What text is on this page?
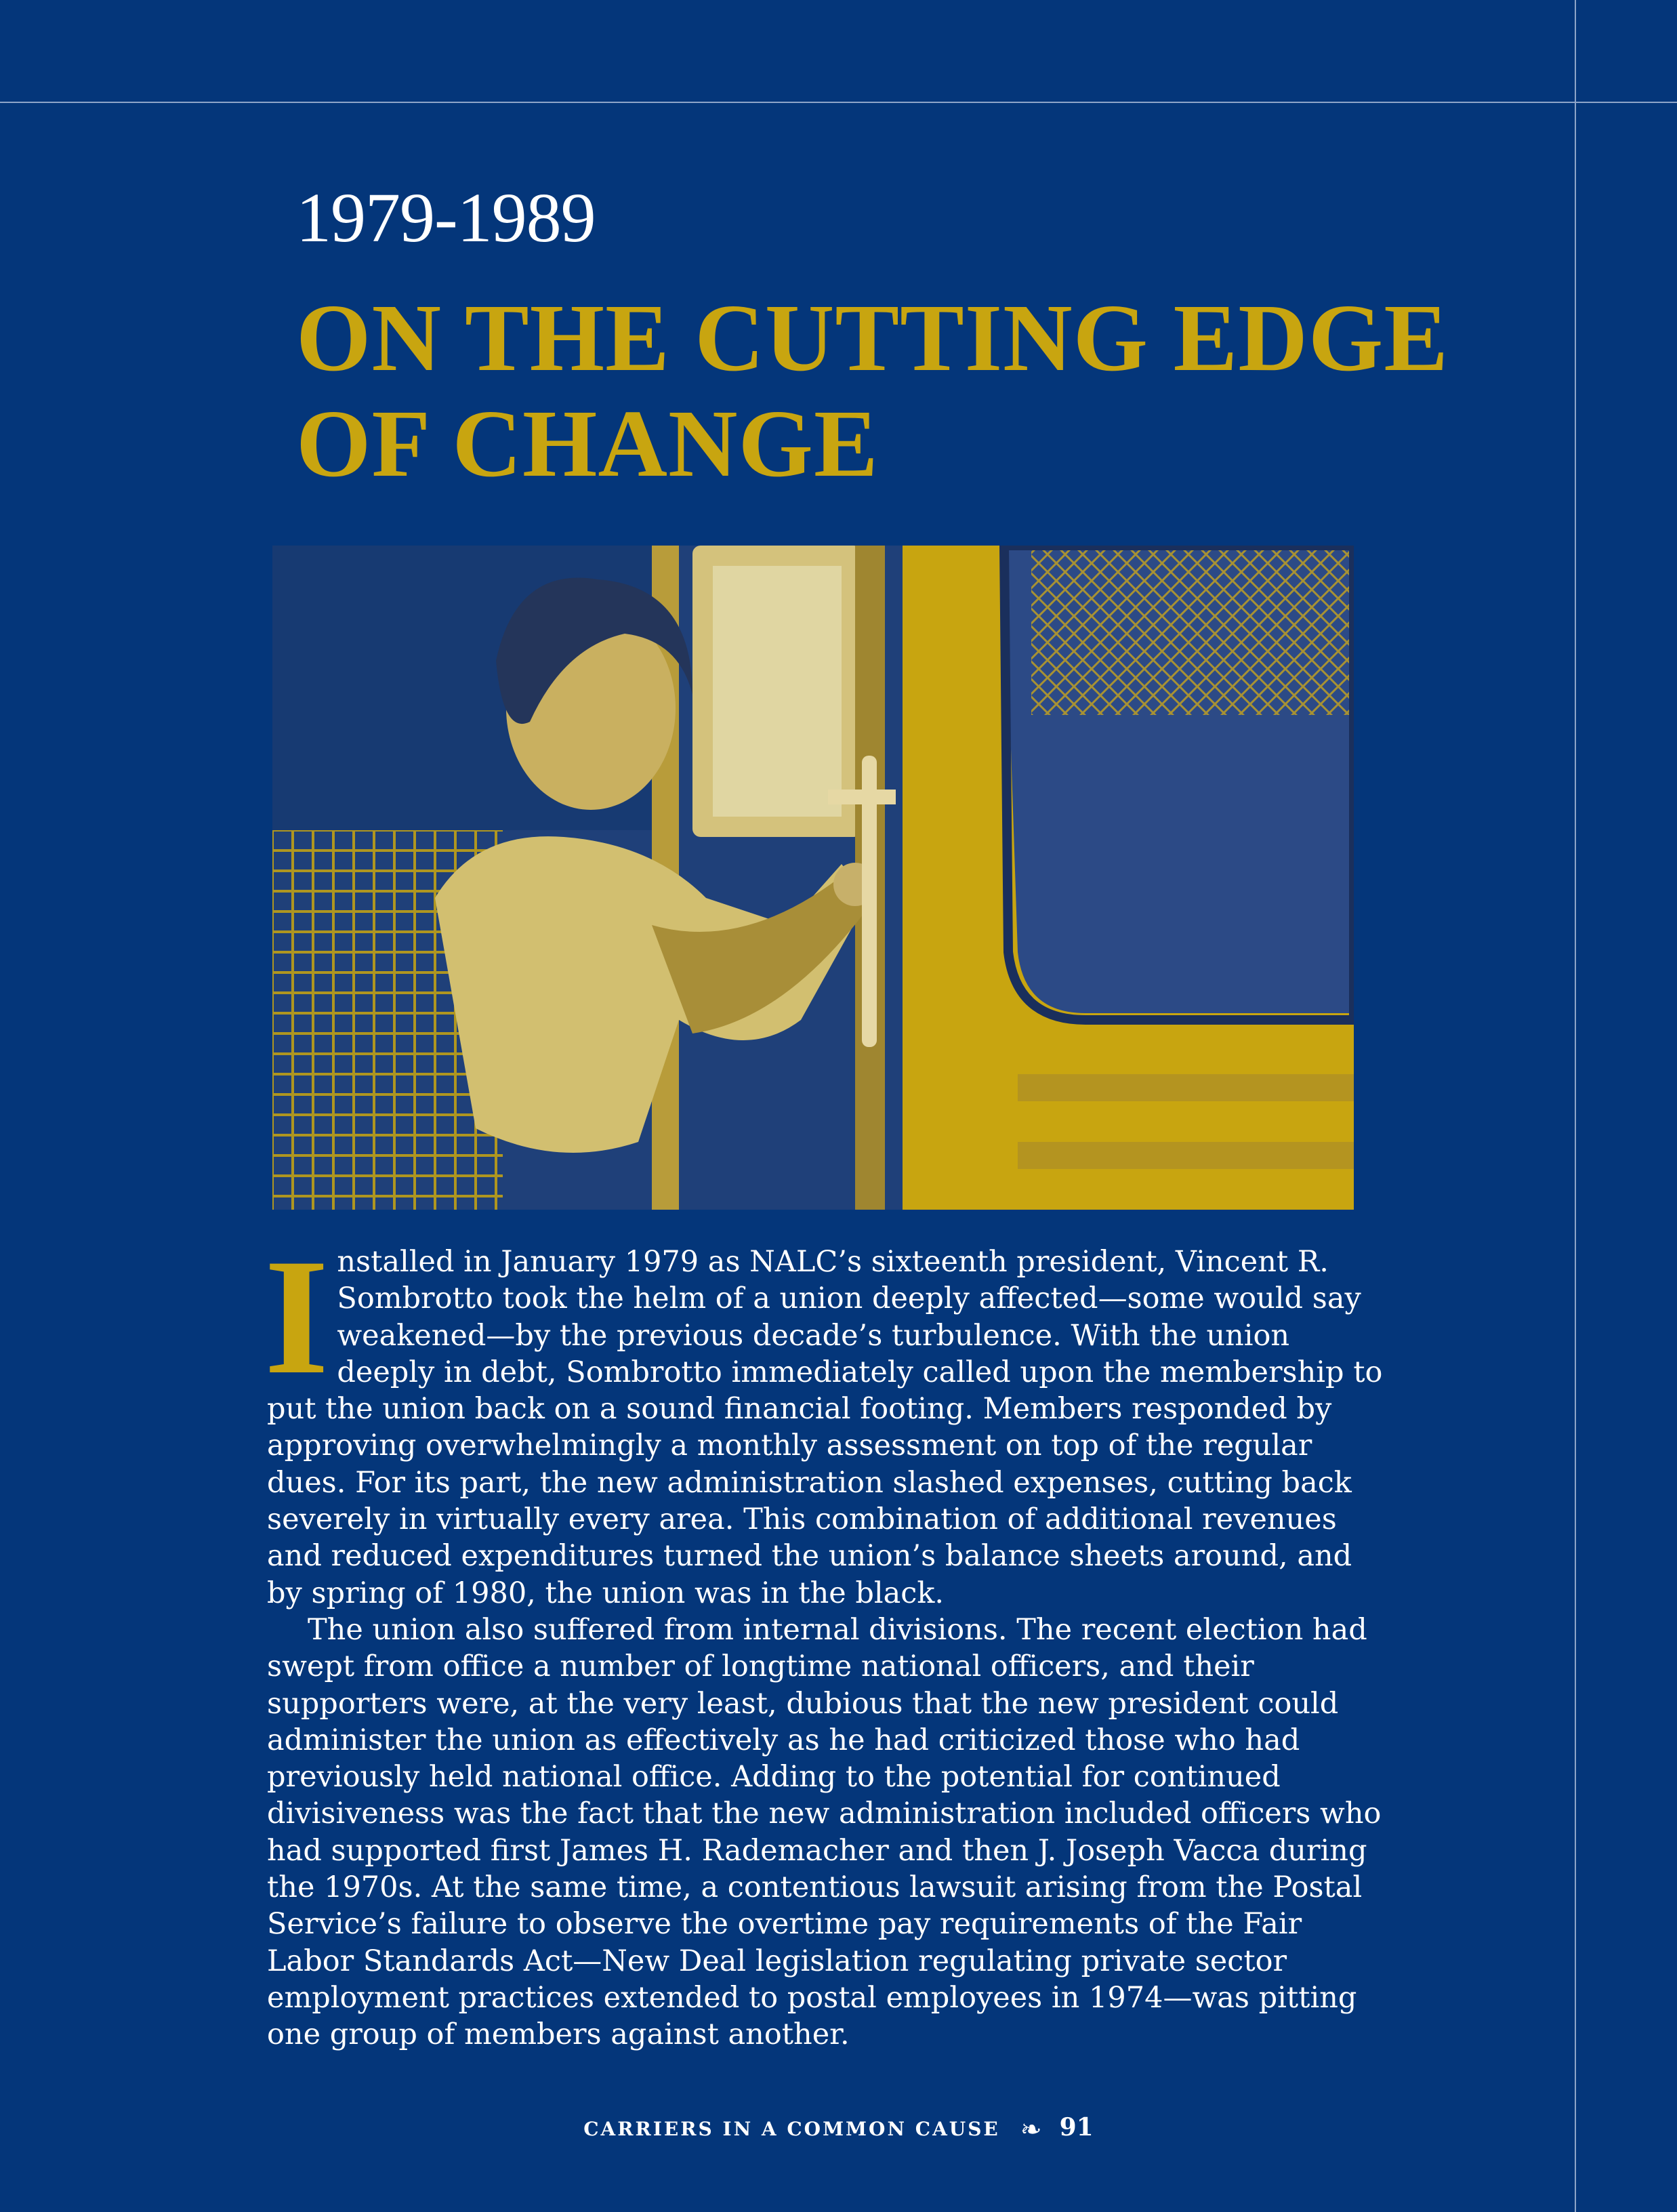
1979-1989
ON THE CUTTING EDGE
OF CHANGE

Installed in January 1979 as NALC’s sixteenth president, Vincent R. Sombrotto took the helm of a union deeply affected—some would say weakened—by the previous decade’s turbulence. With the union deeply in debt, Sombrotto immediately called upon the membership to put the union back on a sound financial footing. Members responded by approving overwhelmingly a monthly assessment on top of the regular dues. For its part, the new administration slashed expenses, cutting back severely in virtually every area. This combination of additional revenues and reduced expenditures turned the union’s balance sheets around, and by spring of 1980, the union was in the black.

The union also suffered from internal divisions. The recent election had swept from office a number of longtime national officers, and their supporters were, at the very least, dubious that the new president could administer the union as effectively as he had criticized those who had previously held national office. Adding to the potential for continued divisiveness was the fact that the new administration included officers who had supported first James H. Rademacher and then J. Joseph Vacca during the 1970s. At the same time, a contentious lawsuit arising from the Postal Service’s failure to observe the overtime pay requirements of the Fair Labor Standards Act—New Deal legislation regulating private sector employment practices extended to postal employees in 1974—was pitting one group of members against another.

CARRIERS IN A COMMON CAUSE ❧ 91
